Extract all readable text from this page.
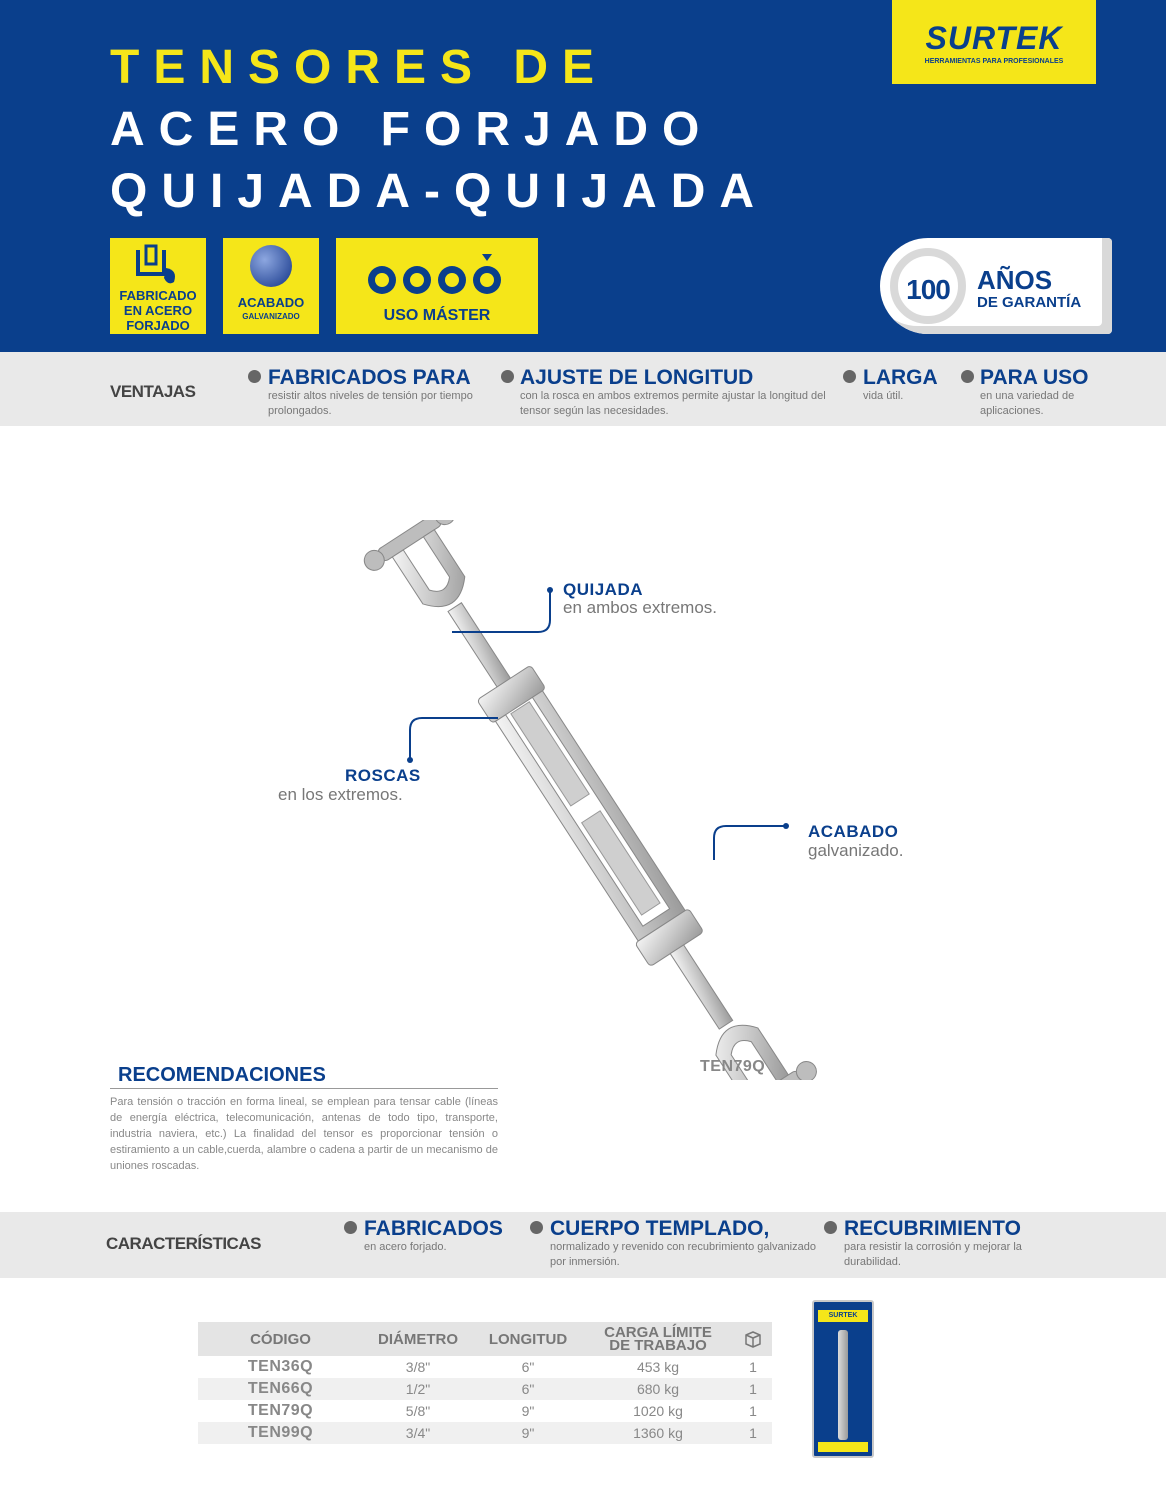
TENSORES DE
ACERO FORJADO
QUIJADA-QUIJADA
SURTEK
HERRAMIENTAS PARA PROFESIONALES
FABRICADO EN ACERO FORJADO
ACABADO
GALVANIZADO	USO MÁSTER
100	AÑOS
DE GARANTÍA
VENTAJAS
FABRICADOS PARA
resistir altos niveles de tensión por tiempo prolongados.
AJUSTE DE LONGITUD
con la rosca en ambos extremos permite ajustar la longitud del tensor según las necesidades.
LARGA
vida útil.
PARA USO
en una variedad de aplicaciones.
QUIJADA
en ambos extremos.
ROSCAS
en los extremos.
ACABADO
galvanizado.
TEN79Q
RECOMENDACIONES
Para tensión o tracción en forma lineal, se emplean para tensar cable (líneas de energía eléctrica, telecomunicación, antenas de todo tipo, transporte, industria naviera, etc.) La finalidad del tensor es proporcionar tensión o estiramiento a un cable,cuerda, alambre o cadena a partir de un mecanismo de uniones roscadas.
CARACTERÍSTICAS
FABRICADOS
en acero forjado.
CUERPO TEMPLADO,
normalizado y revenido con recubrimiento galvanizado por inmersión.
RECUBRIMIENTO
para resistir la corrosión y mejorar la durabilidad.
CÓDIGO	DIÁMETRO	LONGITUD	CARGA LÍMITE
DE TRABAJO
TEN36Q	3/8"	6"	453 kg	1
TEN66Q	1/2"	6"	680 kg	1
TEN79Q	5/8"	9"	1020 kg	1
TEN99Q	3/4"	9"	1360 kg	1
SURTEK
